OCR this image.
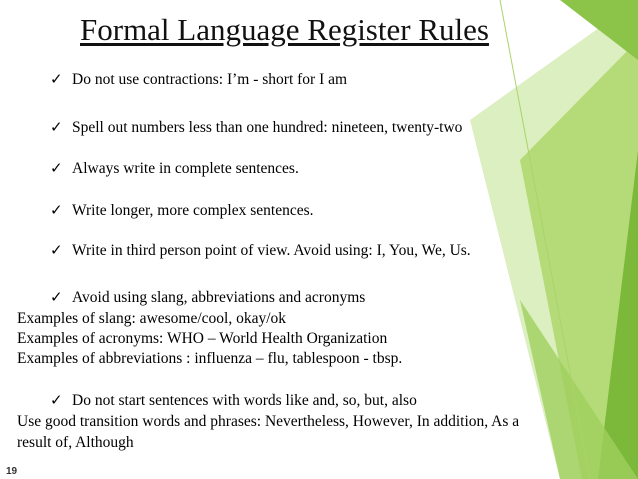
Formal Language Register Rules
✓ Do not use contractions: I’m - short for I am
✓ Spell out numbers less than one hundred: nineteen, twenty-two
✓ Always write in complete sentences.
✓ Write longer, more complex sentences.
✓ Write in third person point of view. Avoid using: I, You, We, Us.
✓ Avoid using slang, abbreviations and acronyms
Examples of slang: awesome/cool, okay/ok
Examples of acronyms: WHO – World Health Organization
Examples of abbreviations : influenza – flu, tablespoon - tbsp.
✓ Do not start sentences with words like and, so, but, also
Use good transition words and phrases: Nevertheless, However, In addition, As a
result of, Although
19
